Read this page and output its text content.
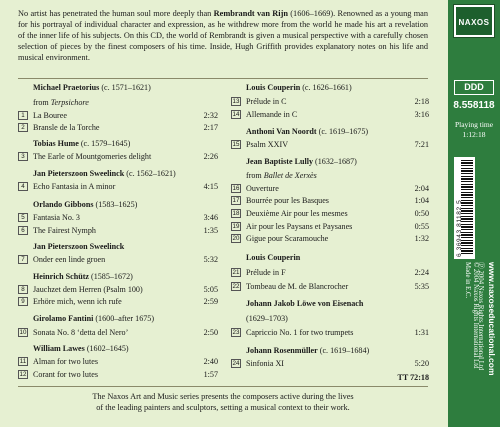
No artist has penetrated the human soul more deeply than Rembrandt van Rijn (1606–1669). Renowned as a young man for his portrayal of individual character and expression, as he withdrew more from the world he made his art a revelation of the inner life of his subjects. On this CD, the world of Rembrandt is given a musical perspective with a carefully chosen selection of pieces by the finest composers of his time. Inside, Hugh Griffith provides explanatory notes on his life and musical environment.

Michael Praetorius (c. 1571–1621)
from Terpsichore
1	La Bouree	2:32
2	Bransle de la Torche	2:17
Tobias Hume (c. 1579–1645)
3	The Earle of Mountgomeries delight	2:26
Jan Pieterszoon Sweelinck (c. 1562–1621)
4	Echo Fantasia in A minor	4:15
Orlando Gibbons (1583–1625)
5	Fantasia No. 3	3:46
6	The Fairest Nymph	1:35
Jan Pieterszoon Sweelinck
7	Onder een linde groen	5:32
Heinrich Schütz (1585–1672)
8	Jauchzet dem Herren (Psalm 100)	5:05
9	Erhöre mich, wenn ich rufe	2:59
Girolamo Fantini (1600–after 1675)
10 Sonata No. 8 ‘detta del Nero’	2:50
William Lawes (1602–1645)
11 Alman for two lutes	2:40
12 Corant for two lutes	1:57
Louis Couperin (c. 1626–1661)
13 Prélude in C	2:18
14 Allemande in C	3:16
Anthoni Van Noordt (c. 1619–1675)
15 Psalm XXIV	7:21
Jean Baptiste Lully (1632–1687)
from Ballet de Xerxès
16 Ouverture	2:04
17 Bourrée pour les Basques	1:04
18 Deuxième Air pour les mesmes	0:50
19 Air pour les Paysans et Paysanes	0:55
20 Gigue pour Scaramouche	1:32
Louis Couperin
21 Prélude in F	2:24
22 Tombeau de M. de Blancrocher	5:35
Johann Jakob Löwe von Eisenach
(1629–1703)
23 Capriccio No. 1 for two trumpets	1:31
Johann Rosenmüller (c. 1619–1684)
24 Sinfonia XI	5:20
TT 72:18
The Naxos Art and Music series presents the composers active during the lives
of the leading painters and sculptors, setting a musical context to their work.
NAXOS
DDD
8.558118
Playing time
1:12:18
6 36943 81182 5
www.naxoseducational.com
ⓟ 2004 Naxos Rights International Ltd
© 2004 Naxos Rights International Ltd
Made in E.C.
